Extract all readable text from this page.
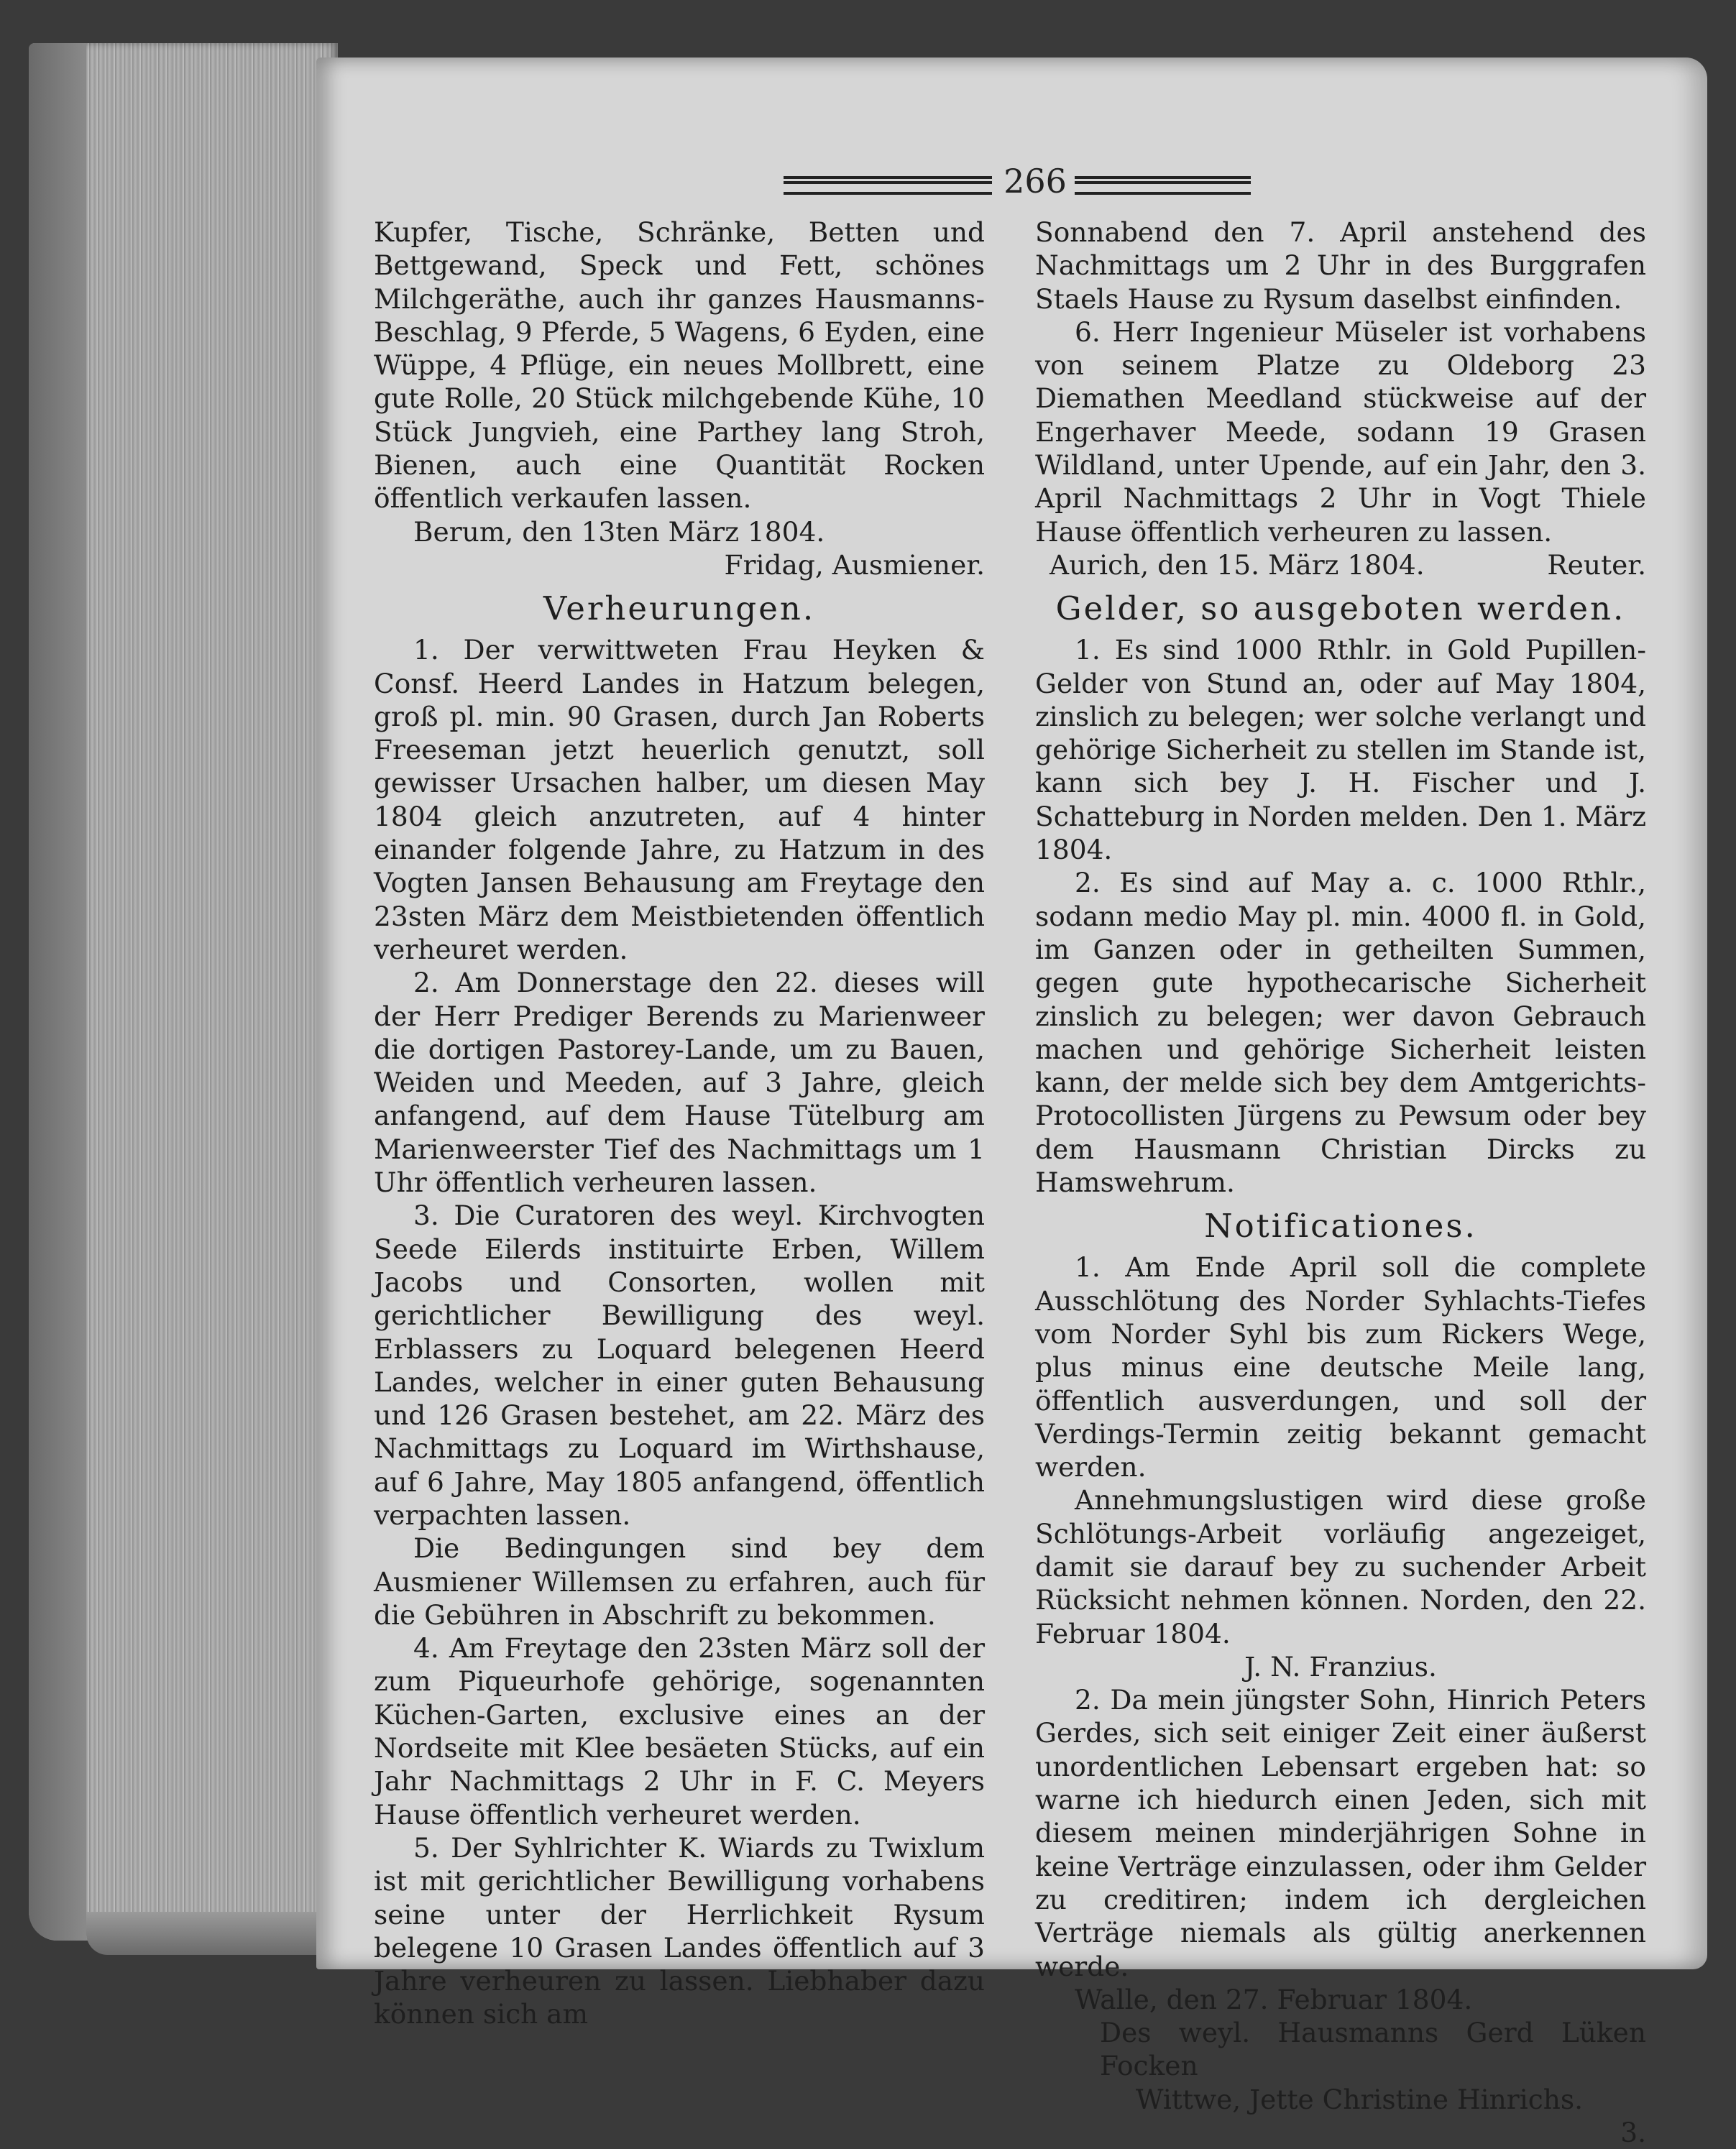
266

Kupfer, Tische, Schränke, Betten und Bettgewand, Speck und Fett, schönes Milchgeräthe, auch ihr ganzes Hausmanns-Beschlag, 9 Pferde, 5 Wagens, 6 Eyden, eine Wüppe, 4 Pflüge, ein neues Mollbrett, eine gute Rolle, 20 Stück milchgebende Kühe, 10 Stück Jungvieh, eine Parthey lang Stroh, Bienen, auch eine Quantität Rocken öffentlich verkaufen lassen.

Berum, den 13ten März 1804.

Fridag, Ausmiener.

Verheurungen.

1. Der verwittweten Frau Heyken & Consf. Heerd Landes in Hatzum belegen, groß pl. min. 90 Grasen, durch Jan Roberts Freeseman jetzt heuerlich genutzt, soll gewisser Ursachen halber, um diesen May 1804 gleich anzutreten, auf 4 hinter einander folgende Jahre, zu Hatzum in des Vogten Jansen Behausung am Freytage den 23sten März dem Meistbietenden öffentlich verheuret werden.

2. Am Donnerstage den 22. dieses will der Herr Prediger Berends zu Marienweer die dortigen Pastorey-Lande, um zu Bauen, Weiden und Meeden, auf 3 Jahre, gleich anfangend, auf dem Hause Tütelburg am Marienweerster Tief des Nachmittags um 1 Uhr öffentlich verheuren lassen.

3. Die Curatoren des weyl. Kirchvogten Seede Eilerds instituirte Erben, Willem Jacobs und Consorten, wollen mit gerichtlicher Bewilligung des weyl. Erblassers zu Loquard belegenen Heerd Landes, welcher in einer guten Behausung und 126 Grasen bestehet, am 22. März des Nachmittags zu Loquard im Wirthshause, auf 6 Jahre, May 1805 anfangend, öffentlich verpachten lassen.

Die Bedingungen sind bey dem Ausmiener Willemsen zu erfahren, auch für die Gebühren in Abschrift zu bekommen.

4. Am Freytage den 23sten März soll der zum Piqueurhofe gehörige, sogenannten Küchen-Garten, exclusive eines an der Nordseite mit Klee besäeten Stücks, auf ein Jahr Nachmittags 2 Uhr in F. C. Meyers Hause öffentlich verheuret werden.

5. Der Syhlrichter K. Wiards zu Twixlum ist mit gerichtlicher Bewilligung vorhabens seine unter der Herrlichkeit Rysum belegene 10 Grasen Landes öffentlich auf 3 Jahre verheuren zu lassen. Liebhaber dazu können sich am

Sonnabend den 7. April anstehend des Nachmittags um 2 Uhr in des Burggrafen Staels Hause zu Rysum daselbst einfinden.

6. Herr Ingenieur Müseler ist vorhabens von seinem Platze zu Oldeborg 23 Diemathen Meedland stückweise auf der Engerhaver Meede, sodann 19 Grasen Wildland, unter Upende, auf ein Jahr, den 3. April Nachmittags 2 Uhr in Vogt Thiele Hause öffentlich verheuren zu lassen.

Aurich, den 15. März 1804.	Reuter.

Gelder, so ausgeboten werden.

1. Es sind 1000 Rthlr. in Gold Pupillen-Gelder von Stund an, oder auf May 1804, zinslich zu belegen; wer solche verlangt und gehörige Sicherheit zu stellen im Stande ist, kann sich bey J. H. Fischer und J. Schatteburg in Norden melden. Den 1. März 1804.

2. Es sind auf May a. c. 1000 Rthlr., sodann medio May pl. min. 4000 fl. in Gold, im Ganzen oder in getheilten Summen, gegen gute hypothecarische Sicherheit zinslich zu belegen; wer davon Gebrauch machen und gehörige Sicherheit leisten kann, der melde sich bey dem Amtgerichts-Protocollisten Jürgens zu Pewsum oder bey dem Hausmann Christian Dircks zu Hamswehrum.

Notificationes.

1. Am Ende April soll die complete Ausschlötung des Norder Syhlachts-Tiefes vom Norder Syhl bis zum Rickers Wege, plus minus eine deutsche Meile lang, öffentlich ausverdungen, und soll der Verdings-Termin zeitig bekannt gemacht werden.

Annehmungslustigen wird diese große Schlötungs-Arbeit vorläufig angezeiget, damit sie darauf bey zu suchender Arbeit Rücksicht nehmen können. Norden, den 22. Februar 1804.

J. N. Franzius.

2. Da mein jüngster Sohn, Hinrich Peters Gerdes, sich seit einiger Zeit einer äußerst unordentlichen Lebensart ergeben hat: so warne ich hiedurch einen Jeden, sich mit diesem meinen minderjährigen Sohne in keine Verträge einzulassen, oder ihm Gelder zu creditiren; indem ich dergleichen Verträge niemals als gültig anerkennen werde.

Walle, den 27. Februar 1804.

Des weyl. Hausmanns Gerd Lüken Focken

Wittwe, Jette Christine Hinrichs.

3.
